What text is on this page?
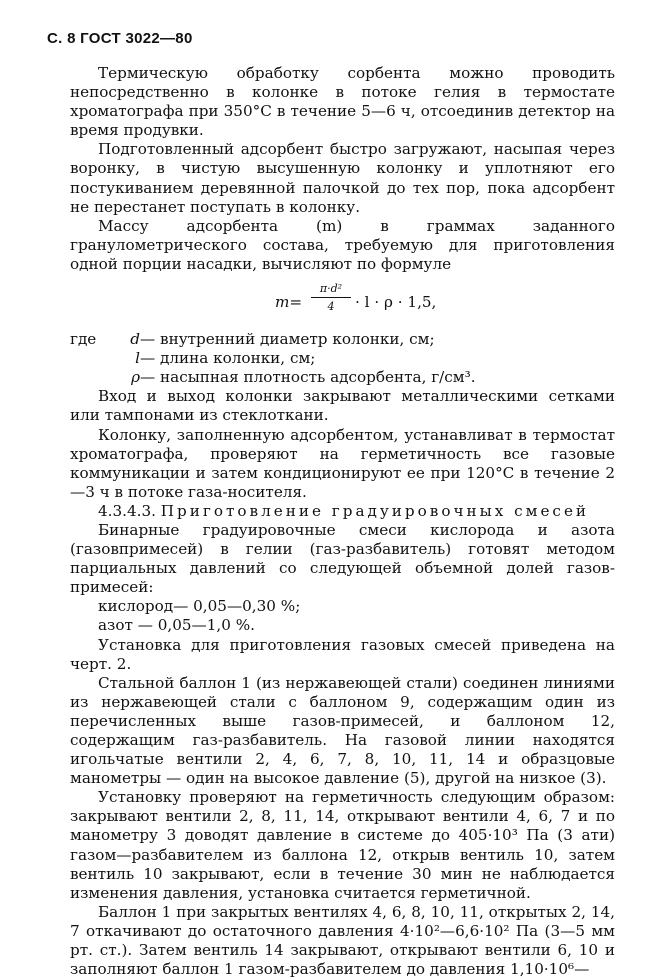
С. 8 ГОСТ 3022—80

Термическую обработку сорбента можно проводить непосредственно в колонке в потоке гелия в термостате хроматографа при 350°С в течение 5—6 ч, отсоединив детектор на время продувки.

Подготовленный адсорбент быстро загружают, насыпая через воронку, в чистую высушенную колонку и уплотняют его постукиванием деревянной палочкой до тех пор, пока адсорбент не перестанет поступать в колонку.

Массу адсорбента (m) в граммах заданного гранулометрического состава, требуемую для приготовления одной порции насадки, вычисляют по формуле

$m= \frac{\text{π·d²}}{4} \cdot l \cdot \rho \cdot 1,5$,
где	d — внутренний диаметр колонки, см;
l — длина колонки, см;
ρ — насыпная плотность адсорбента, г/см³.

Вход и выход колонки закрывают металлическими сетками или тампонами из стеклоткани.

Колонку, заполненную адсорбентом, устанавливат в термостат хроматографа, проверяют на герметичность все газовые коммуникации и затем кондиционируют ее при 120°С в течение 2—3 ч в потоке газа-носителя.

4.3.4.3. Приготовление градуировочных смесей

Бинарные градуировочные смеси кислорода и азота (газовпримесей) в гелии (газ-разбавитель) готовят методом парциальных давлений со следующей объемной долей газов-примесей:

кислород— 0,05—0,30 %;

азот — 0,05—1,0 %.

Установка для приготовления газовых смесей приведена на черт. 2.

Стальной баллон 1 (из нержавеющей стали) соединен линиями из нержавеющей стали с баллоном 9, содержащим один из перечисленных выше газов-примесей, и баллоном 12, содержащим газ-разбавитель. На газовой линии находятся игольчатые вентили 2, 4, 6, 7, 8, 10, 11, 14 и образцовые манометры — один на высокое давление (5), другой на низкое (3).

Установку проверяют на герметичность следующим образом: закрывают вентили 2, 8, 11, 14, открывают вентили 4, 6, 7 и по манометру 3 доводят давление в системе до 405·10³ Па (3 ати) газом—разбавителем из баллона 12, открыв вентиль 10, затем вентиль 10 закрывают, если в течение 30 мин не наблюдается изменения давления, установка считается герметичной.

Баллон 1 при закрытых вентилях 4, 6, 8, 10, 11, открытых 2, 14, 7 откачивают до остаточного давления 4·10²—6,6·10² Па (3—5 мм рт. ст.). Затем вентиль 14 закрывают, открывают вентили 6, 10 и заполняют баллон 1 газом-разбавителем до давления 1,10·10⁶—
